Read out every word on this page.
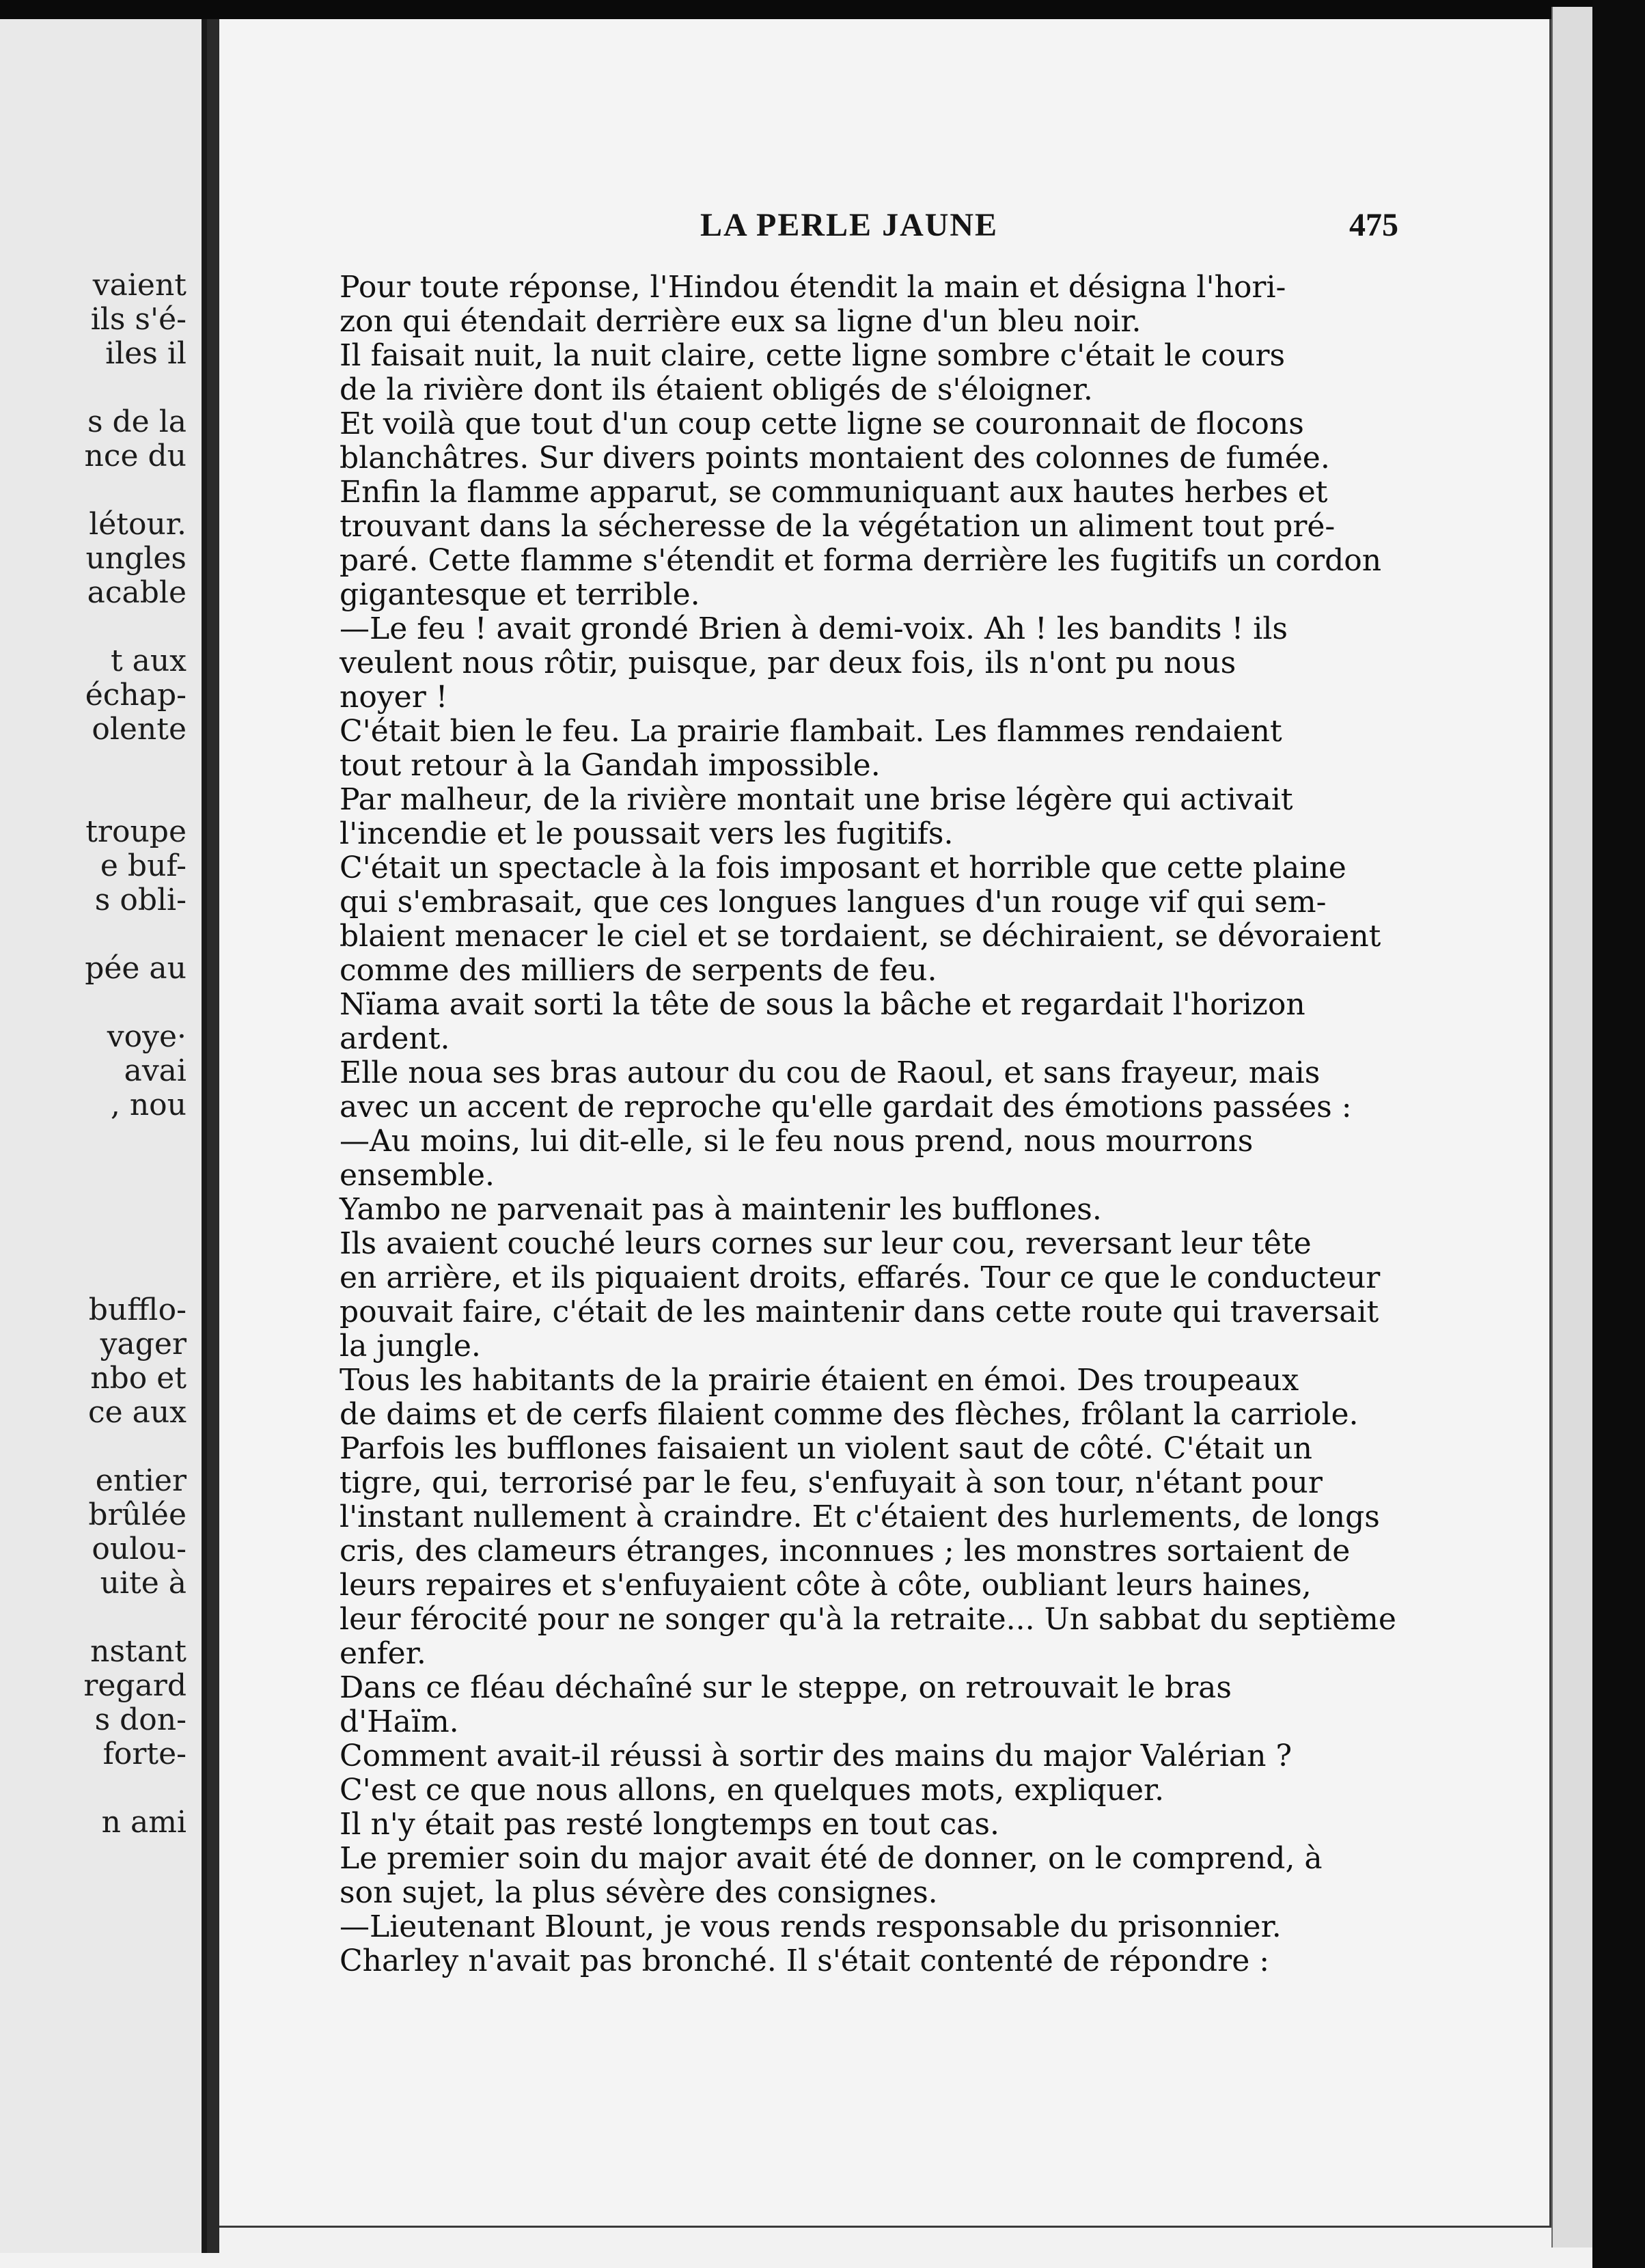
vaient
ils s'é-
iles il
s de la
nce du
létour.
ungles
acable
t aux
échap-
olente
troupe
e buf-
s obli-
pée au
voye·
avai
, nou
bufflo-
yager
nbo et
ce aux
entier
brûlée
oulou-
uite à
nstant
regard
s don-
forte-
n ami
LA PERLE JAUNE	475
Pour toute réponse, l'Hindou étendit la main et désigna l'hori-
zon qui étendait derrière eux sa ligne d'un bleu noir.
Il faisait nuit, la nuit claire, cette ligne sombre c'était le cours
de la rivière dont ils étaient obligés de s'éloigner.
Et voilà que tout d'un coup cette ligne se couronnait de flocons
blanchâtres. Sur divers points montaient des colonnes de fumée.
Enfin la flamme apparut, se communiquant aux hautes herbes et
trouvant dans la sécheresse de la végétation un aliment tout pré-
paré. Cette flamme s'étendit et forma derrière les fugitifs un cordon
gigantesque et terrible.
—Le feu ! avait grondé Brien à demi-voix. Ah ! les bandits ! ils
veulent nous rôtir, puisque, par deux fois, ils n'ont pu nous
noyer !
C'était bien le feu. La prairie flambait. Les flammes rendaient
tout retour à la Gandah impossible.
Par malheur, de la rivière montait une brise légère qui activait
l'incendie et le poussait vers les fugitifs.
C'était un spectacle à la fois imposant et horrible que cette plaine
qui s'embrasait, que ces longues langues d'un rouge vif qui sem-
blaient menacer le ciel et se tordaient, se déchiraient, se dévoraient
comme des milliers de serpents de feu.
Nïama avait sorti la tête de sous la bâche et regardait l'horizon
ardent.
Elle noua ses bras autour du cou de Raoul, et sans frayeur, mais
avec un accent de reproche qu'elle gardait des émotions passées :
—Au moins, lui dit-elle, si le feu nous prend, nous mourrons
ensemble.
Yambo ne parvenait pas à maintenir les bufflones.
Ils avaient couché leurs cornes sur leur cou, reversant leur tête
en arrière, et ils piquaient droits, effarés. Tour ce que le conducteur
pouvait faire, c'était de les maintenir dans cette route qui traversait
la jungle.
Tous les habitants de la prairie étaient en émoi. Des troupeaux
de daims et de cerfs filaient comme des flèches, frôlant la carriole.
Parfois les bufflones faisaient un violent saut de côté. C'était un
tigre, qui, terrorisé par le feu, s'enfuyait à son tour, n'étant pour
l'instant nullement à craindre. Et c'étaient des hurlements, de longs
cris, des clameurs étranges, inconnues ; les monstres sortaient de
leurs repaires et s'enfuyaient côte à côte, oubliant leurs haines,
leur férocité pour ne songer qu'à la retraite... Un sabbat du septième
enfer.
Dans ce fléau déchaîné sur le steppe, on retrouvait le bras
d'Haïm.
Comment avait-il réussi à sortir des mains du major Valérian ?
C'est ce que nous allons, en quelques mots, expliquer.
Il n'y était pas resté longtemps en tout cas.
Le premier soin du major avait été de donner, on le comprend, à
son sujet, la plus sévère des consignes.
—Lieutenant Blount, je vous rends responsable du prisonnier.
Charley n'avait pas bronché. Il s'était contenté de répondre :
